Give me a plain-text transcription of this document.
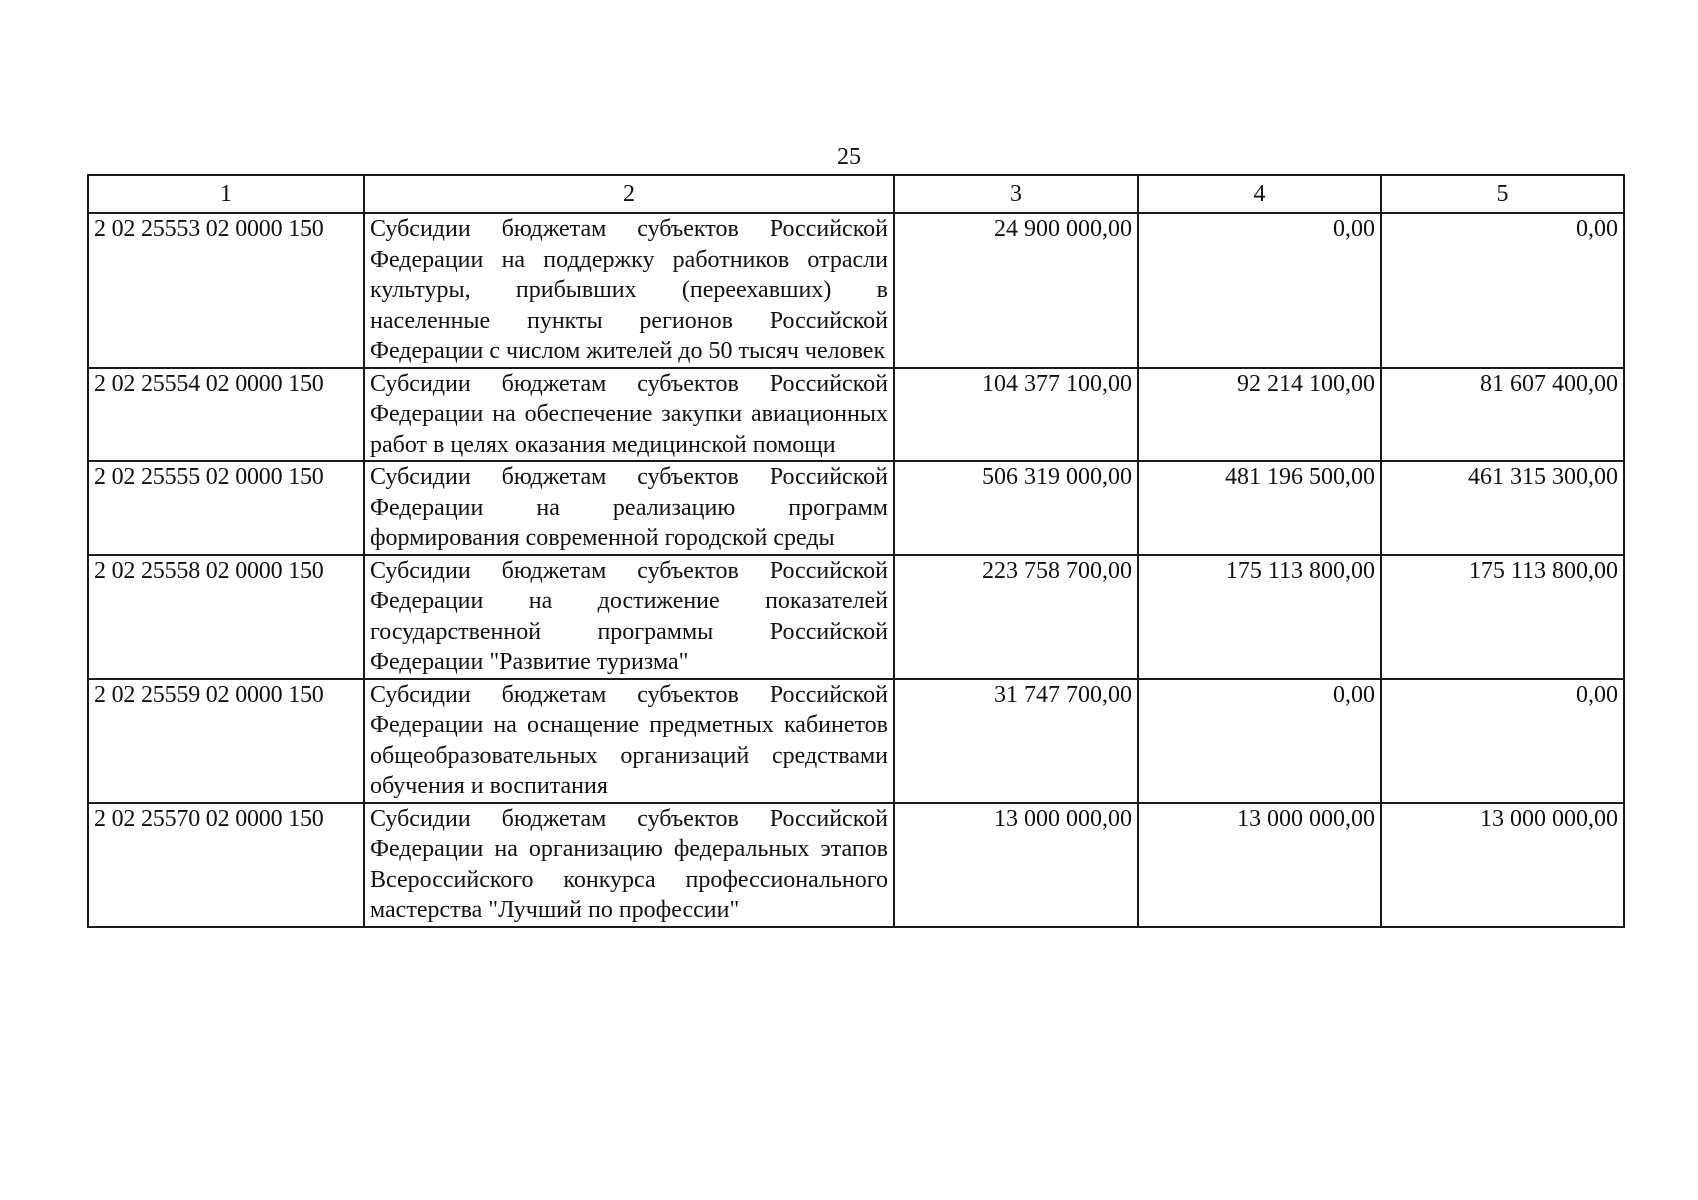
25
1	2	3	4	5
2 02 25553 02 0000 150	Субсидии бюджетам субъектов Российской Федерации на поддержку работников отрасли культуры, прибывших (переехавших) в населенные пункты регионов Российской Федерации с числом жителей до 50 тысяч человек	24 900 000,00	0,00	0,00
2 02 25554 02 0000 150	Субсидии бюджетам субъектов Российской Федерации на обеспечение закупки авиационных работ в целях оказания медицинской помощи	104 377 100,00	92 214 100,00	81 607 400,00
2 02 25555 02 0000 150	Субсидии бюджетам субъектов Российской Федерации на реализацию программ формирования современной городской среды	506 319 000,00	481 196 500,00	461 315 300,00
2 02 25558 02 0000 150	Субсидии бюджетам субъектов Российской Федерации на достижение показателей государственной программы Российской Федерации "Развитие туризма"	223 758 700,00	175 113 800,00	175 113 800,00
2 02 25559 02 0000 150	Субсидии бюджетам субъектов Российской Федерации на оснащение предметных кабинетов общеобразовательных организаций средствами обучения и воспитания	31 747 700,00	0,00	0,00
2 02 25570 02 0000 150	Субсидии бюджетам субъектов Российской Федерации на организацию федеральных этапов Всероссийского конкурса профессионального мастерства "Лучший по профессии"	13 000 000,00	13 000 000,00	13 000 000,00
